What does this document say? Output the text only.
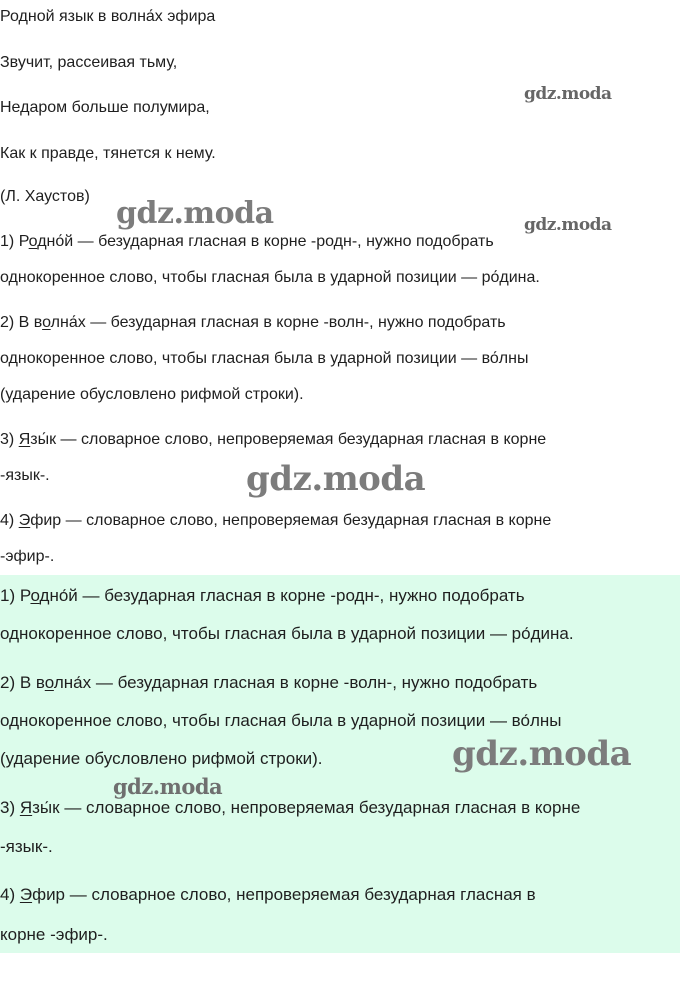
Родной язык в волна́х эфира
Звучит, рассеивая тьму,
Недаром больше полумира,
Как к правде, тянется к нему.
(Л. Хаустов)
1) Родно́й — безударная гласная в корне -родн-, нужно подобрать
однокоренное слово, чтобы гласная была в ударной позиции — ро́дина.
2) В волна́х — безударная гласная в корне -волн-, нужно подобрать
однокоренное слово, чтобы гласная была в ударной позиции — во́лны
(ударение обусловлено рифмой строки).
3) Язы́к — словарное слово, непроверяемая безударная гласная в корне
-язык-.
4) Эфир — словарное слово, непроверяемая безударная гласная в корне
-эфир-.
1) Родно́й — безударная гласная в корне -родн-, нужно подобрать
однокоренное слово, чтобы гласная была в ударной позиции — ро́дина.
2) В волна́х — безударная гласная в корне -волн-, нужно подобрать
однокоренное слово, чтобы гласная была в ударной позиции — во́лны
(ударение обусловлено рифмой строки).
3) Язы́к — словарное слово, непроверяемая безударная гласная в корне
-язык-.
4) Эфир — словарное слово, непроверяемая безударная гласная в
корне -эфир-.
gdz.moda
gdz.moda	gdz.moda
gdz.moda
gdz.moda
gdz.moda
